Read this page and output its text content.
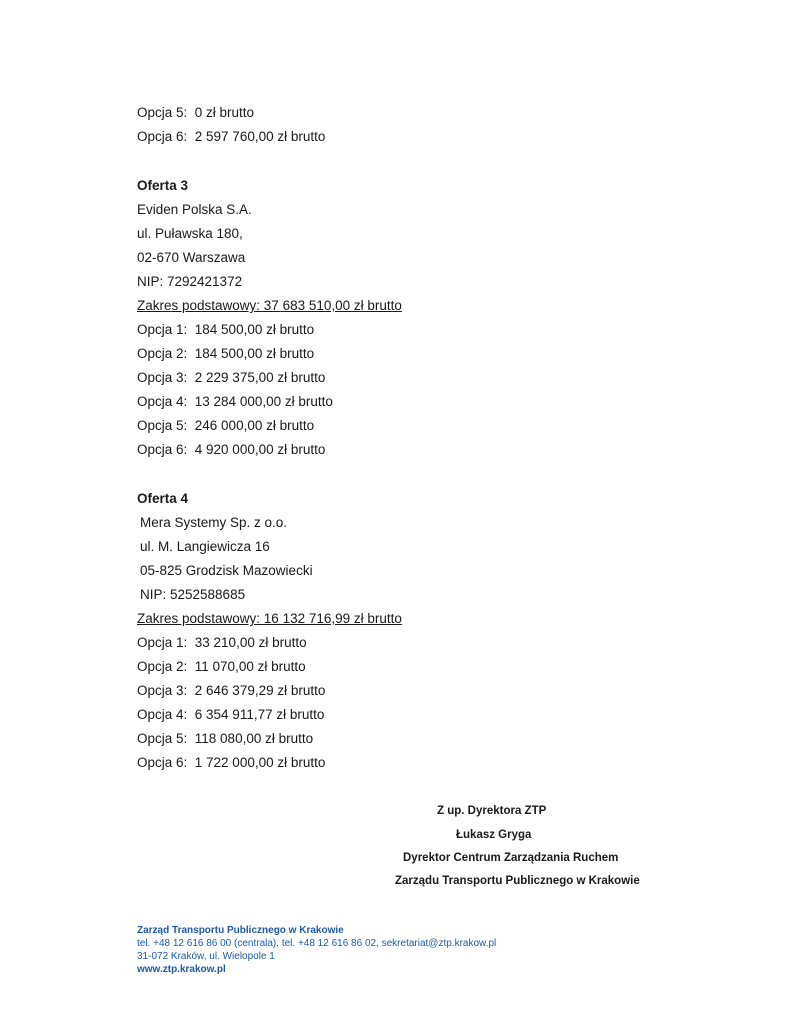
Opcja 5:  0 zł brutto
Opcja 6:  2 597 760,00 zł brutto
Oferta 3
Eviden Polska S.A.
ul. Puławska 180,
02-670 Warszawa
NIP: 7292421372
Zakres podstawowy: 37 683 510,00 zł brutto
Opcja 1:  184 500,00 zł brutto
Opcja 2:  184 500,00 zł brutto
Opcja 3:  2 229 375,00 zł brutto
Opcja 4:  13 284 000,00 zł brutto
Opcja 5:  246 000,00 zł brutto
Opcja 6:  4 920 000,00 zł brutto
Oferta 4
Mera Systemy Sp. z o.o.
ul. M. Langiewicza 16
05-825 Grodzisk Mazowiecki
NIP: 5252588685
Zakres podstawowy: 16 132 716,99 zł brutto
Opcja 1:  33 210,00 zł brutto
Opcja 2:  11 070,00 zł brutto
Opcja 3:  2 646 379,29 zł brutto
Opcja 4:  6 354 911,77 zł brutto
Opcja 5:  118 080,00 zł brutto
Opcja 6:  1 722 000,00 zł brutto
Z up. Dyrektora ZTP
Łukasz Gryga
Dyrektor Centrum Zarządzania Ruchem
Zarządu Transportu Publicznego w Krakowie
Zarząd Transportu Publicznego w Krakowie
tel. +48 12 616 86 00 (centrala), tel. +48 12 616 86 02, sekretariat@ztp.krakow.pl
31-072 Kraków, ul. Wielopole 1
www.ztp.krakow.pl
